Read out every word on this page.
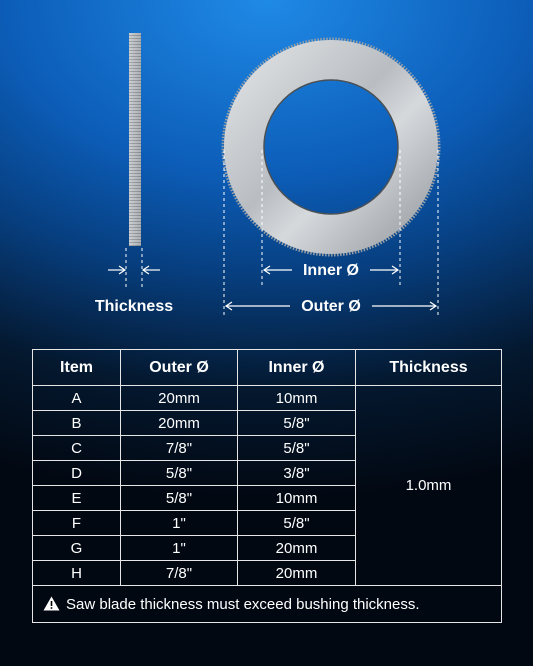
Thickness
Inner Ø
Outer Ø
Item	Outer Ø	Inner Ø	Thickness
A	20mm	10mm	1.0mm
B	20mm	5/8"	
C	7/8"	5/8"	
D	5/8"	3/8"	
E	5/8"	10mm	
F	1"	5/8"	
G	1"	20mm	
H	7/8"	20mm	
Saw blade thickness must exceed bushing thickness.			
